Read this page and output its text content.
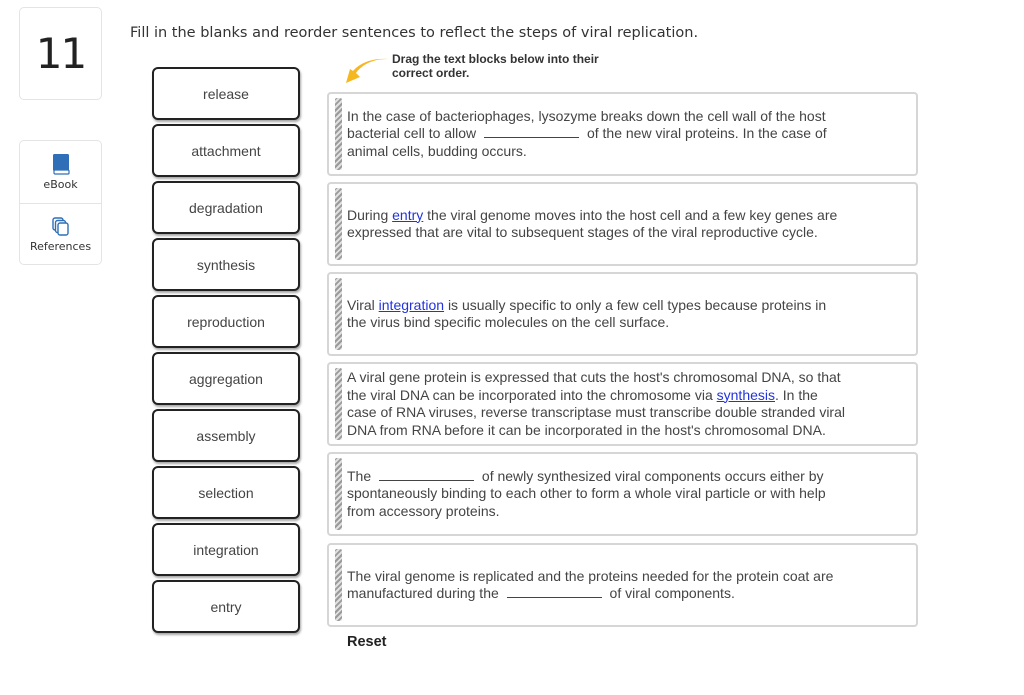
11
eBook
References
Fill in the blanks and reorder sentences to reflect the steps of viral replication.
Drag the text blocks below into their
correct order.
release
attachment
degradation
synthesis
reproduction
aggregation
assembly
selection
integration
entry
In the case of bacteriophages, lysozyme breaks down the cell wall of the host bacterial cell to allow	of the new viral proteins. In the case of animal cells, budding occurs.
During entry the viral genome moves into the host cell and a few key genes are expressed that are vital to subsequent stages of the viral reproductive cycle.
Viral integration is usually specific to only a few cell types because proteins in the virus bind specific molecules on the cell surface.
A viral gene protein is expressed that cuts the host's chromosomal DNA, so that the viral DNA can be incorporated into the chromosome via synthesis. In the case of RNA viruses, reverse transcriptase must transcribe double stranded viral DNA from RNA before it can be incorporated in the host's chromosomal DNA.
The	of newly synthesized viral components occurs either by spontaneously binding to each other to form a whole viral particle or with help from accessory proteins.
The viral genome is replicated and the proteins needed for the protein coat are manufactured during the	of viral components.
Reset
